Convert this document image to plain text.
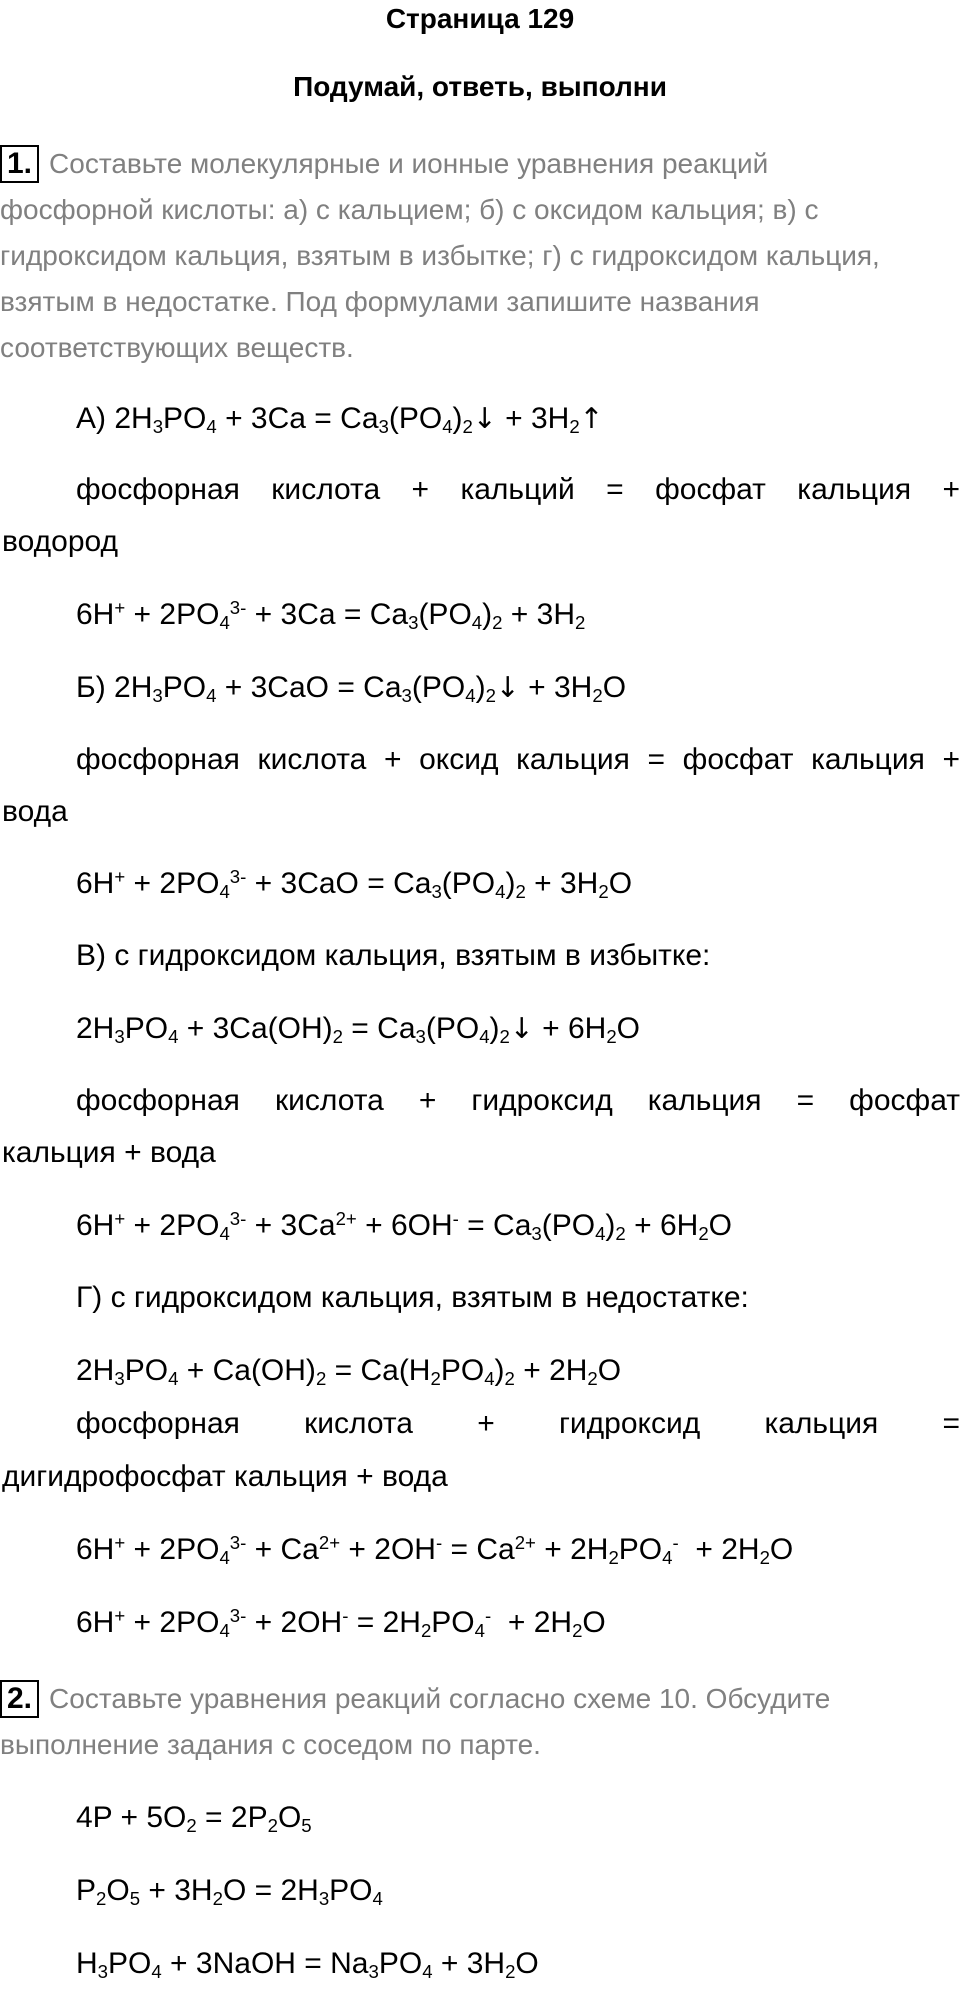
Страница 129
Подумай, ответь, выполни
1. Составьте молекулярные и ионные уравнения реакций
фосфорной кислоты: а) с кальцием; б) с оксидом кальция; в) с
гидроксидом кальция, взятым в избытке; г) с гидроксидом кальция,
взятым в недостатке. Под формулами запишите названия
соответствующих веществ.
А) $2H_3PO_4 + 3Ca$ = $Ca_3(PO_4)_2↓$ + $3H_2↑$
фосфорная кислота + кальций = фосфат кальция +
водород
$6H^+ + 2PO_4^{3-} + 3Ca = Ca_3(PO_4)_2 + 3H_2$
Б) $2H_3PO_4 + 3CaO$ = $Ca_3(PO_4)_2↓ + 3H_2O$
фосфорная кислота + оксид кальция = фосфат кальция +
вода
$6H^+ + 2PO_4^{3-} + 3CaO = Ca_3(PO_4)_2 + 3H_2O$
В) с гидроксидом кальция, взятым в избытке:
$2H_3PO_4 + 3Ca(OH)_2$ = $Ca_3(PO_4)_2↓ + 6H_2O$
фосфорная кислота + гидроксид кальция = фосфат
кальция + вода
$6H^+ + 2PO_4^{3-} + 3Ca^{2+} + 6OH^- = Ca_3(PO_4)_2 + 6H_2O$
Г) с гидроксидом кальция, взятым в недостатке:
$2H_3PO_4 + Ca(OH)_2 = Ca(H_2PO_4)_2 + 2H_2O$
фосфорная кислота + гидроксид кальция =
дигидрофосфат кальция + вода
$6H^+ + 2PO_4^{3-} + Ca^{2+} + 2OH^- = Ca^{2+} + 2H_2PO_4^- + 2H_2O$
$6H^+ + 2PO_4^{3-} + 2OH^- = 2H_2PO_4^- + 2H_2O$
2. Составьте уравнения реакций согласно схеме 10. Обсудите
выполнение задания с соседом по парте.
$4P + 5O_2 = 2P_2O_5$
$P_2O_5 + 3H_2O = 2H_3PO_4$
$H_3PO_4$ + 3NaOH = $Na_3PO_4 + 3H_2O$
